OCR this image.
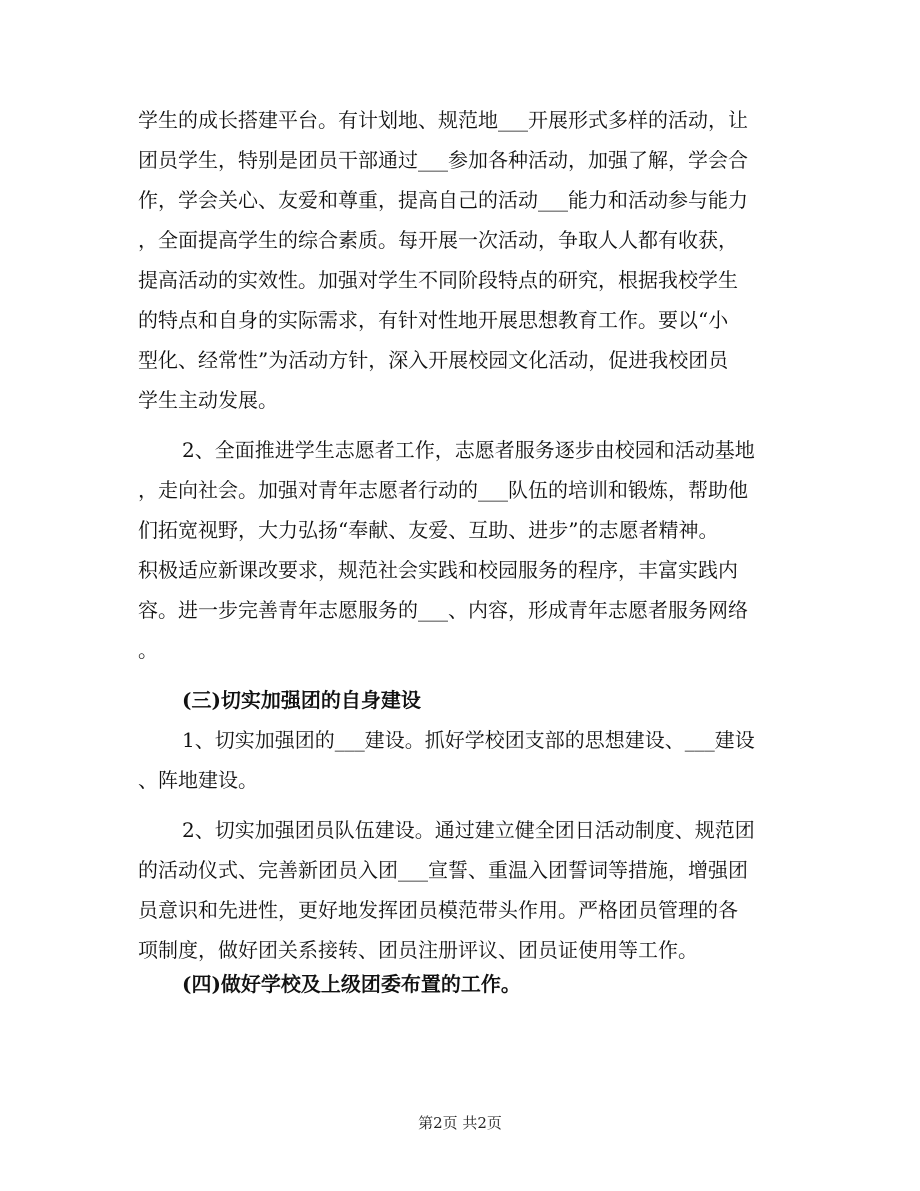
学生的成长搭建平台。有计划地、规范地___开展形式多样的活动，让
团员学生，特别是团员干部通过___参加各种活动，加强了解，学会合
作，学会关心、友爱和尊重，提高自己的活动___能力和活动参与能力
，全面提高学生的综合素质。每开展一次活动，争取人人都有收获，
提高活动的实效性。加强对学生不同阶段特点的研究，根据我校学生
的特点和自身的实际需求，有针对性地开展思想教育工作。要以“小
型化、经常性”为活动方针，深入开展校园文化活动，促进我校团员
学生主动发展。
2、全面推进学生志愿者工作，志愿者服务逐步由校园和活动基地
，走向社会。加强对青年志愿者行动的___队伍的培训和锻炼，帮助他
们拓宽视野，大力弘扬“奉献、友爱、互助、进步”的志愿者精神。
积极适应新课改要求，规范社会实践和校园服务的程序，丰富实践内
容。进一步完善青年志愿服务的___、内容，形成青年志愿者服务网络
。
(三)切实加强团的自身建设
1、切实加强团的___建设。抓好学校团支部的思想建设、___建设
、阵地建设。
2、切实加强团员队伍建设。通过建立健全团日活动制度、规范团
的活动仪式、完善新团员入团___宣誓、重温入团誓词等措施，增强团
员意识和先进性，更好地发挥团员模范带头作用。严格团员管理的各
项制度，做好团关系接转、团员注册评议、团员证使用等工作。
(四)做好学校及上级团委布置的工作。
第2页 共2页
